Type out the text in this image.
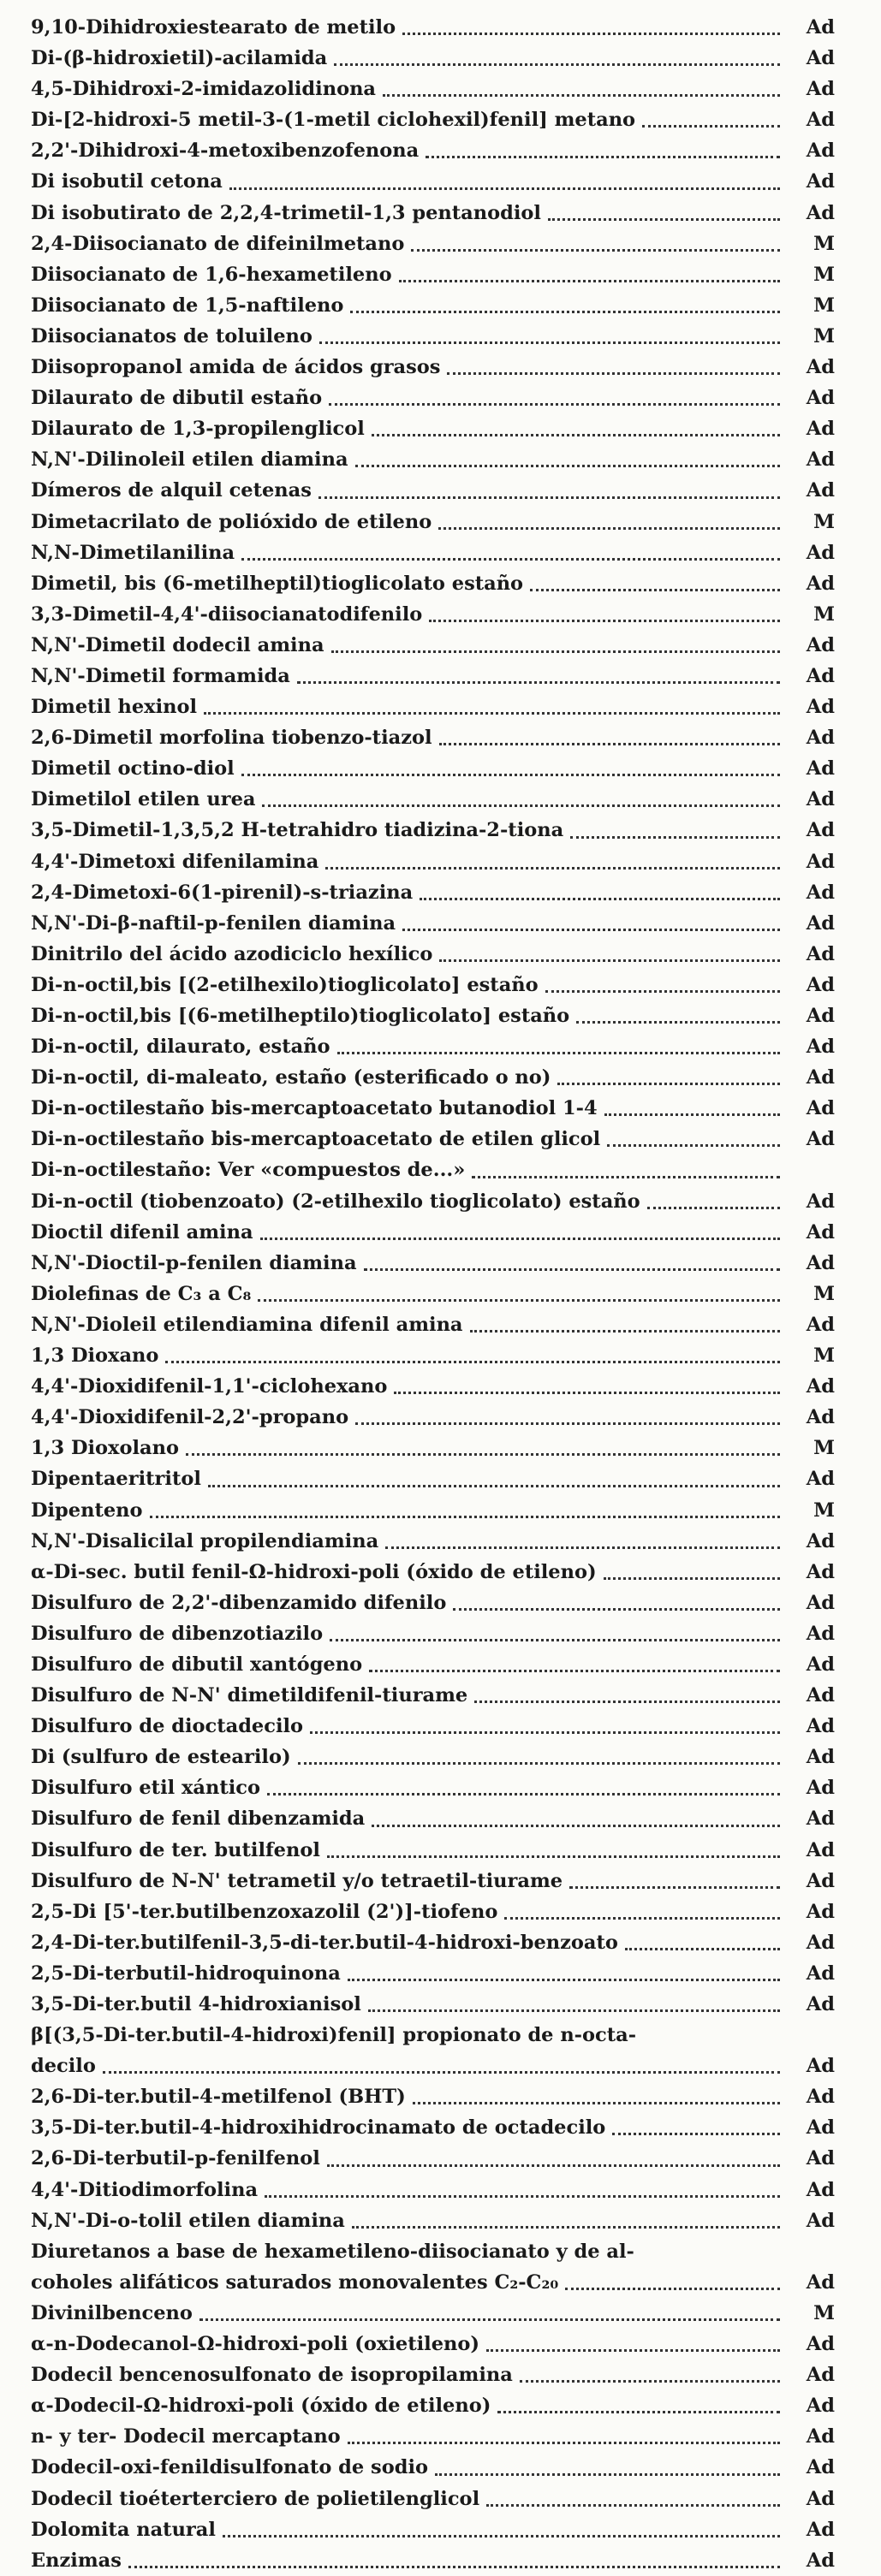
9,10-Dihidroxiestearato de metilo	Ad
Di-(β-hidroxietil)-acilamida	Ad
4,5-Dihidroxi-2-imidazolidinona	Ad
Di-[2-hidroxi-5 metil-3-(1-metil ciclohexil)fenil] metano	Ad
2,2'-Dihidroxi-4-metoxibenzofenona	Ad
Di isobutil cetona	Ad
Di isobutirato de 2,2,4-trimetil-1,3 pentanodiol	Ad
2,4-Diisocianato de difeinilmetano	M
Diisocianato de 1,6-hexametileno	M
Diisocianato de 1,5-naftileno	M
Diisocianatos de toluileno	M
Diisopropanol amida de ácidos grasos	Ad
Dilaurato de dibutil estaño	Ad
Dilaurato de 1,3-propilenglicol	Ad
N,N'-Dilinoleil etilen diamina	Ad
Dímeros de alquil cetenas	Ad
Dimetacrilato de polióxido de etileno	M
N,N-Dimetilanilina	Ad
Dimetil, bis (6-metilheptil)tioglicolato estaño	Ad
3,3-Dimetil-4,4'-diisocianatodifenilo	M
N,N'-Dimetil dodecil amina	Ad
N,N'-Dimetil formamida	Ad
Dimetil hexinol	Ad
2,6-Dimetil morfolina tiobenzo-tiazol	Ad
Dimetil octino-diol	Ad
Dimetilol etilen urea	Ad
3,5-Dimetil-1,3,5,2 H-tetrahidro tiadizina-2-tiona	Ad
4,4'-Dimetoxi difenilamina	Ad
2,4-Dimetoxi-6(1-pirenil)-s-triazina	Ad
N,N'-Di-β-naftil-p-fenilen diamina	Ad
Dinitrilo del ácido azodiciclo hexílico	Ad
Di-n-octil,bis [(2-etilhexilo)tioglicolato] estaño	Ad
Di-n-octil,bis [(6-metilheptilo)tioglicolato] estaño	Ad
Di-n-octil, dilaurato, estaño	Ad
Di-n-octil, di-maleato, estaño (esterificado o no)	Ad
Di-n-octilestaño bis-mercaptoacetato butanodiol 1-4	Ad
Di-n-octilestaño bis-mercaptoacetato de etilen glicol	Ad
Di-n-octilestaño: Ver «compuestos de...»
Di-n-octil (tiobenzoato) (2-etilhexilo tioglicolato) estaño	Ad
Dioctil difenil amina	Ad
N,N'-Dioctil-p-fenilen diamina	Ad
Diolefinas de C₃ a C₈	M
N,N'-Dioleil etilendiamina difenil amina	Ad
1,3 Dioxano	M
4,4'-Dioxidifenil-1,1'-ciclohexano	Ad
4,4'-Dioxidifenil-2,2'-propano	Ad
1,3 Dioxolano	M
Dipentaeritritol	Ad
Dipenteno	M
N,N'-Disalicilal propilendiamina	Ad
α-Di-sec. butil fenil-Ω-hidroxi-poli (óxido de etileno)	Ad
Disulfuro de 2,2'-dibenzamido difenilo	Ad
Disulfuro de dibenzotiazilo	Ad
Disulfuro de dibutil xantógeno	Ad
Disulfuro de N-N' dimetildifenil-tiurame	Ad
Disulfuro de dioctadecilo	Ad
Di (sulfuro de estearilo)	Ad
Disulfuro etil xántico	Ad
Disulfuro de fenil dibenzamida	Ad
Disulfuro de ter. butilfenol	Ad
Disulfuro de N-N' tetrametil y/o tetraetil-tiurame	Ad
2,5-Di [5'-ter.butilbenzoxazolil (2')]-tiofeno	Ad
2,4-Di-ter.butilfenil-3,5-di-ter.butil-4-hidroxi-benzoato	Ad
2,5-Di-terbutil-hidroquinona	Ad
3,5-Di-ter.butil 4-hidroxianisol	Ad
β[(3,5-Di-ter.butil-4-hidroxi)fenil] propionato de n-octa-
decilo	Ad
2,6-Di-ter.butil-4-metilfenol (BHT)	Ad
3,5-Di-ter.butil-4-hidroxihidrocinamato de octadecilo	Ad
2,6-Di-terbutil-p-fenilfenol	Ad
4,4'-Ditiodimorfolina	Ad
N,N'-Di-o-tolil etilen diamina	Ad
Diuretanos a base de hexametileno-diisocianato y de al-
coholes alifáticos saturados monovalentes C₂-C₂₀	Ad
Divinilbenceno	M
α-n-Dodecanol-Ω-hidroxi-poli (oxietileno)	Ad
Dodecil bencenosulfonato de isopropilamina	Ad
α-Dodecil-Ω-hidroxi-poli (óxido de etileno)	Ad
n- y ter- Dodecil mercaptano	Ad
Dodecil-oxi-fenildisulfonato de sodio	Ad
Dodecil tioéterterciero de polietilenglicol	Ad
Dolomita natural	Ad
Enzimas	Ad
